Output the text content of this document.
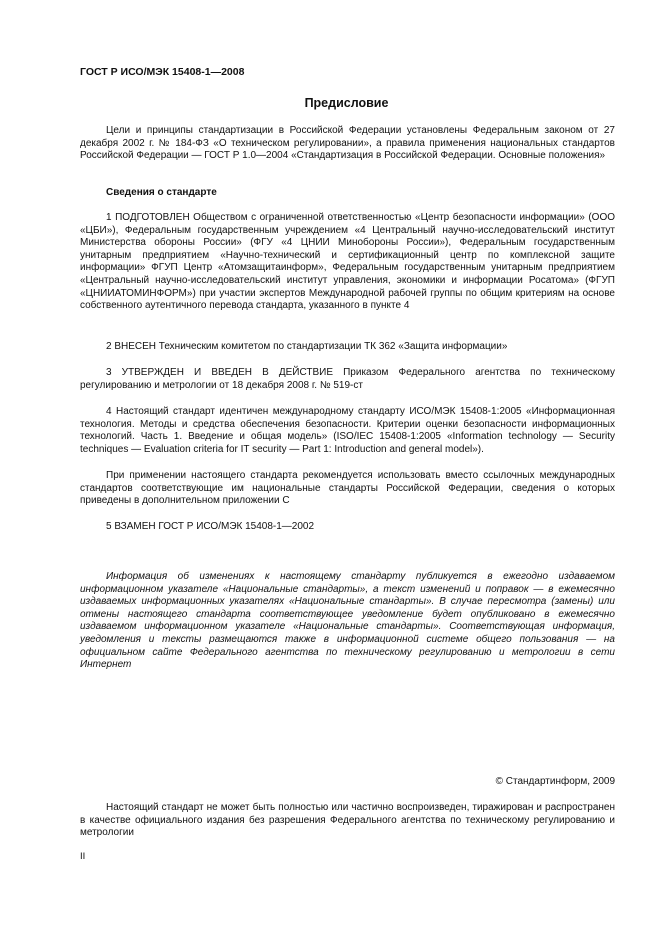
ГОСТ Р ИСО/МЭК 15408-1—2008
Предисловие

Цели и принципы стандартизации в Российской Федерации установлены Федеральным законом от 27 декабря 2002 г. № 184-ФЗ «О техническом регулировании», а правила применения национальных стандартов Российской Федерации — ГОСТ Р 1.0—2004 «Стандартизация в Российской Федерации. Основные положения»

Сведения о стандарте

1 ПОДГОТОВЛЕН Обществом с ограниченной ответственностью «Центр безопасности информации» (ООО «ЦБИ»), Федеральным государственным учреждением «4 Центральный научно-исследовательский институт Министерства обороны России» (ФГУ «4 ЦНИИ Минобороны России»), Федеральным государственным унитарным предприятием «Научно-технический и сертификационный центр по комплексной защите информации» ФГУП Центр «Атомзащитаинформ», Федеральным государственным унитарным предприятием «Центральный научно-исследовательский институт управления, экономики и информации Росатома» (ФГУП «ЦНИИАТОМИНФОРМ») при участии экспертов Международной рабочей группы по общим критериям на основе собственного аутентичного перевода стандарта, указанного в пункте 4

2 ВНЕСЕН Техническим комитетом по стандартизации ТК 362 «Защита информации»

3 УТВЕРЖДЕН И ВВЕДЕН В ДЕЙСТВИЕ Приказом Федерального агентства по техническому регулированию и метрологии от 18 декабря 2008 г. № 519-ст

4 Настоящий стандарт идентичен международному стандарту ИСО/МЭК 15408-1:2005 «Информационная технология. Методы и средства обеспечения безопасности. Критерии оценки безопасности информационных технологий. Часть 1. Введение и общая модель» (ISO/IEC 15408-1:2005 «Information technology — Security techniques — Evaluation criteria for IT security — Part 1: Introduction and general model»).

При применении настоящего стандарта рекомендуется использовать вместо ссылочных международных стандартов соответствующие им национальные стандарты Российской Федерации, сведения о которых приведены в дополнительном приложении С

5 ВЗАМЕН ГОСТ Р ИСО/МЭК 15408-1—2002

Информация об изменениях к настоящему стандарту публикуется в ежегодно издаваемом информационном указателе «Национальные стандарты», а текст изменений и поправок — в ежемесячно издаваемых информационных указателях «Национальные стандарты». В случае пересмотра (замены) или отмены настоящего стандарта соответствующее уведомление будет опубликовано в ежемесячно издаваемом информационном указателе «Национальные стандарты». Соответствующая информация, уведомления и тексты размещаются также в информационной системе общего пользования — на официальном сайте Федерального агентства по техническому регулированию и метрологии в сети Интернет

© Стандартинформ, 2009

Настоящий стандарт не может быть полностью или частично воспроизведен, тиражирован и распространен в качестве официального издания без разрешения Федерального агентства по техническому регулированию и метрологии

II
